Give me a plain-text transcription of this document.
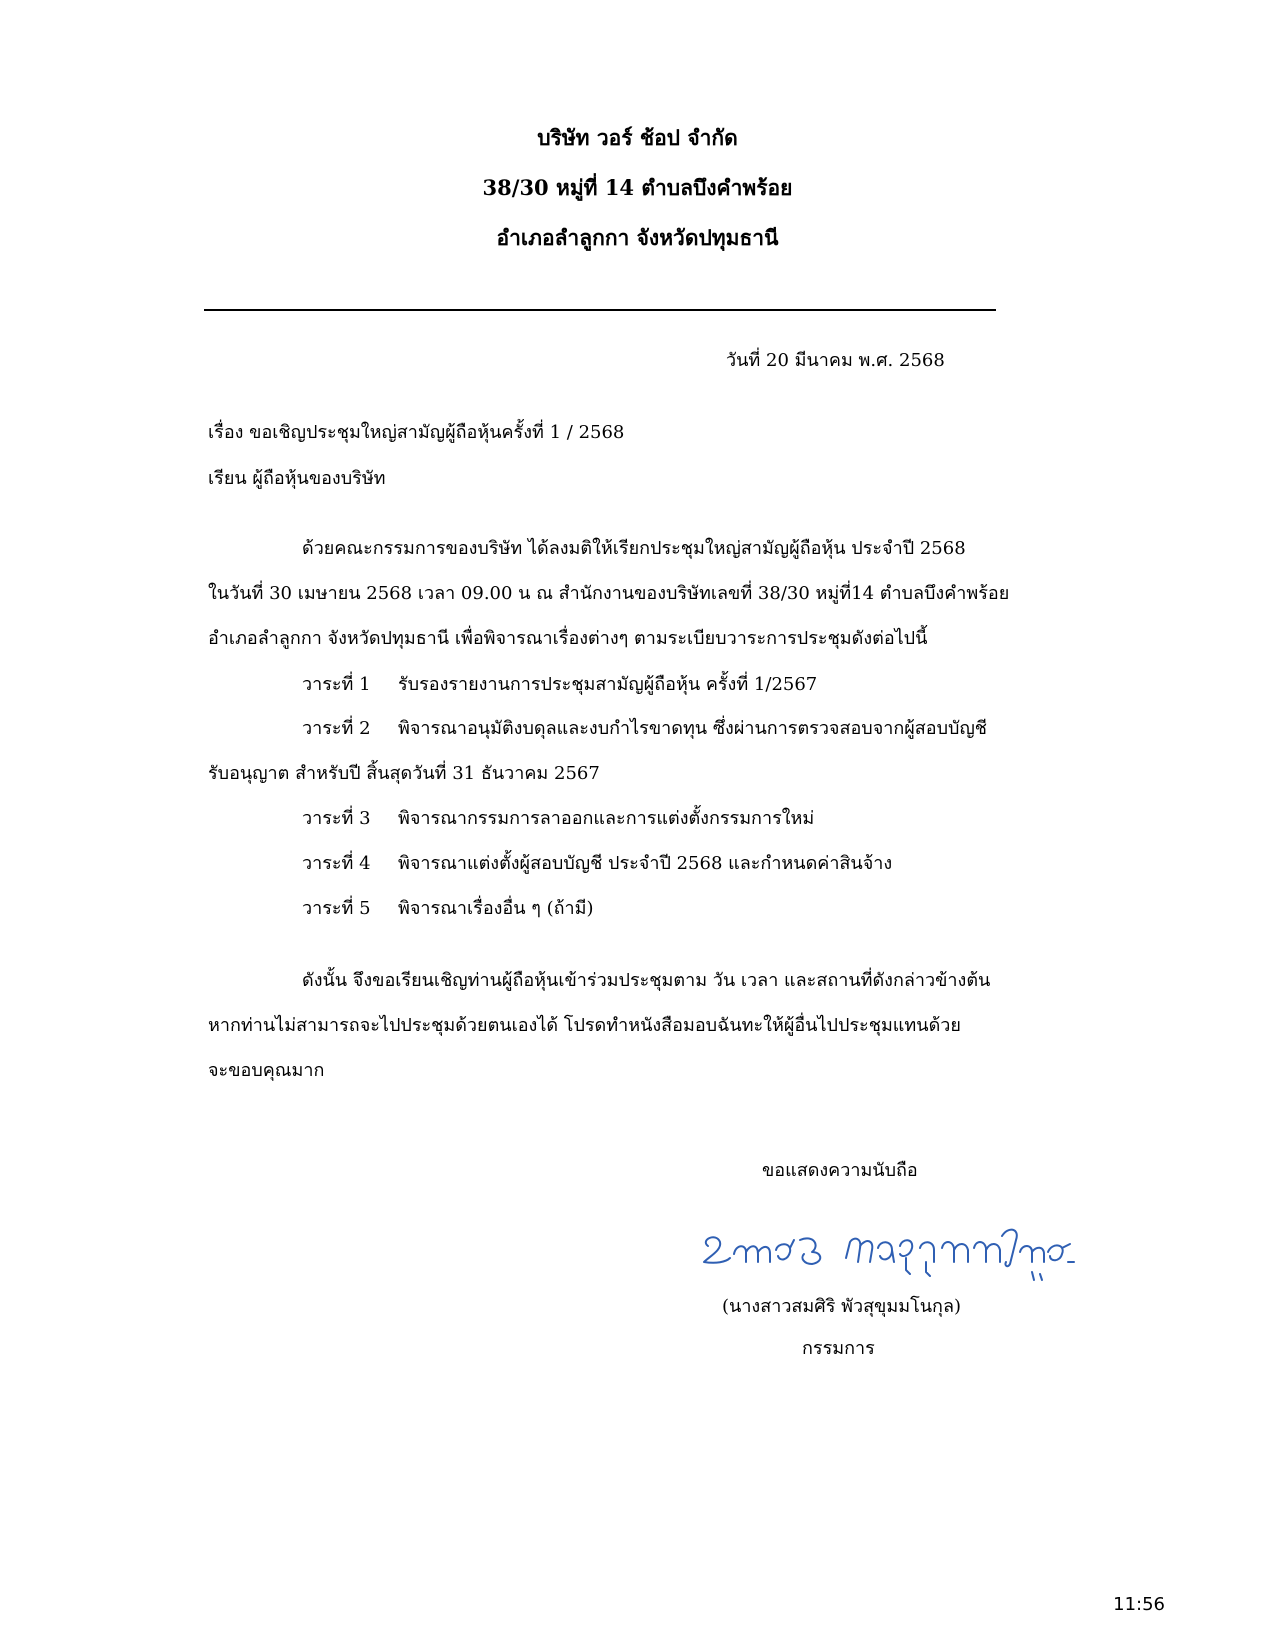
บริษัท วอร์ ช้อป จำกัด
38/30 หมู่ที่ 14 ตำบลบึงคำพร้อย
อำเภอลำลูกกา จังหวัดปทุมธานี
วันที่ 20 มีนาคม พ.ศ. 2568
เรื่อง ขอเชิญประชุมใหญ่สามัญผู้ถือหุ้นครั้งที่ 1 / 2568
เรียน ผู้ถือหุ้นของบริษัท
ด้วยคณะกรรมการของบริษัท ได้ลงมติให้เรียกประชุมใหญ่สามัญผู้ถือหุ้น ประจำปี 2568
ในวันที่ 30 เมษายน 2568 เวลา 09.00 น ณ สำนักงานของบริษัทเลขที่ 38/30 หมู่ที่14 ตำบลบึงคำพร้อย
อำเภอลำลูกกา จังหวัดปทุมธานี เพื่อพิจารณาเรื่องต่างๆ ตามระเบียบวาระการประชุมดังต่อไปนี้
วาระที่ 1 รับรองรายงานการประชุมสามัญผู้ถือหุ้น ครั้งที่ 1/2567
วาระที่ 2 พิจารณาอนุมัติงบดุลและงบกำไรขาดทุน ซึ่งผ่านการตรวจสอบจากผู้สอบบัญชี
รับอนุญาต สำหรับปี สิ้นสุดวันที่ 31 ธันวาคม 2567
วาระที่ 3 พิจารณากรรมการลาออกและการแต่งตั้งกรรมการใหม่
วาระที่ 4 พิจารณาแต่งตั้งผู้สอบบัญชี ประจำปี 2568 และกำหนดค่าสินจ้าง
วาระที่ 5 พิจารณาเรื่องอื่น ๆ (ถ้ามี)
ดังนั้น จึงขอเรียนเชิญท่านผู้ถือหุ้นเข้าร่วมประชุมตาม วัน เวลา และสถานที่ดังกล่าวข้างต้น
หากท่านไม่สามารถจะไปประชุมด้วยตนเองได้ โปรดทำหนังสือมอบฉันทะให้ผู้อื่นไปประชุมแทนด้วย
จะขอบคุณมาก
ขอแสดงความนับถือ
(นางสาวสมศิริ พัวสุขุมมโนกุล)
กรรมการ
11:56
